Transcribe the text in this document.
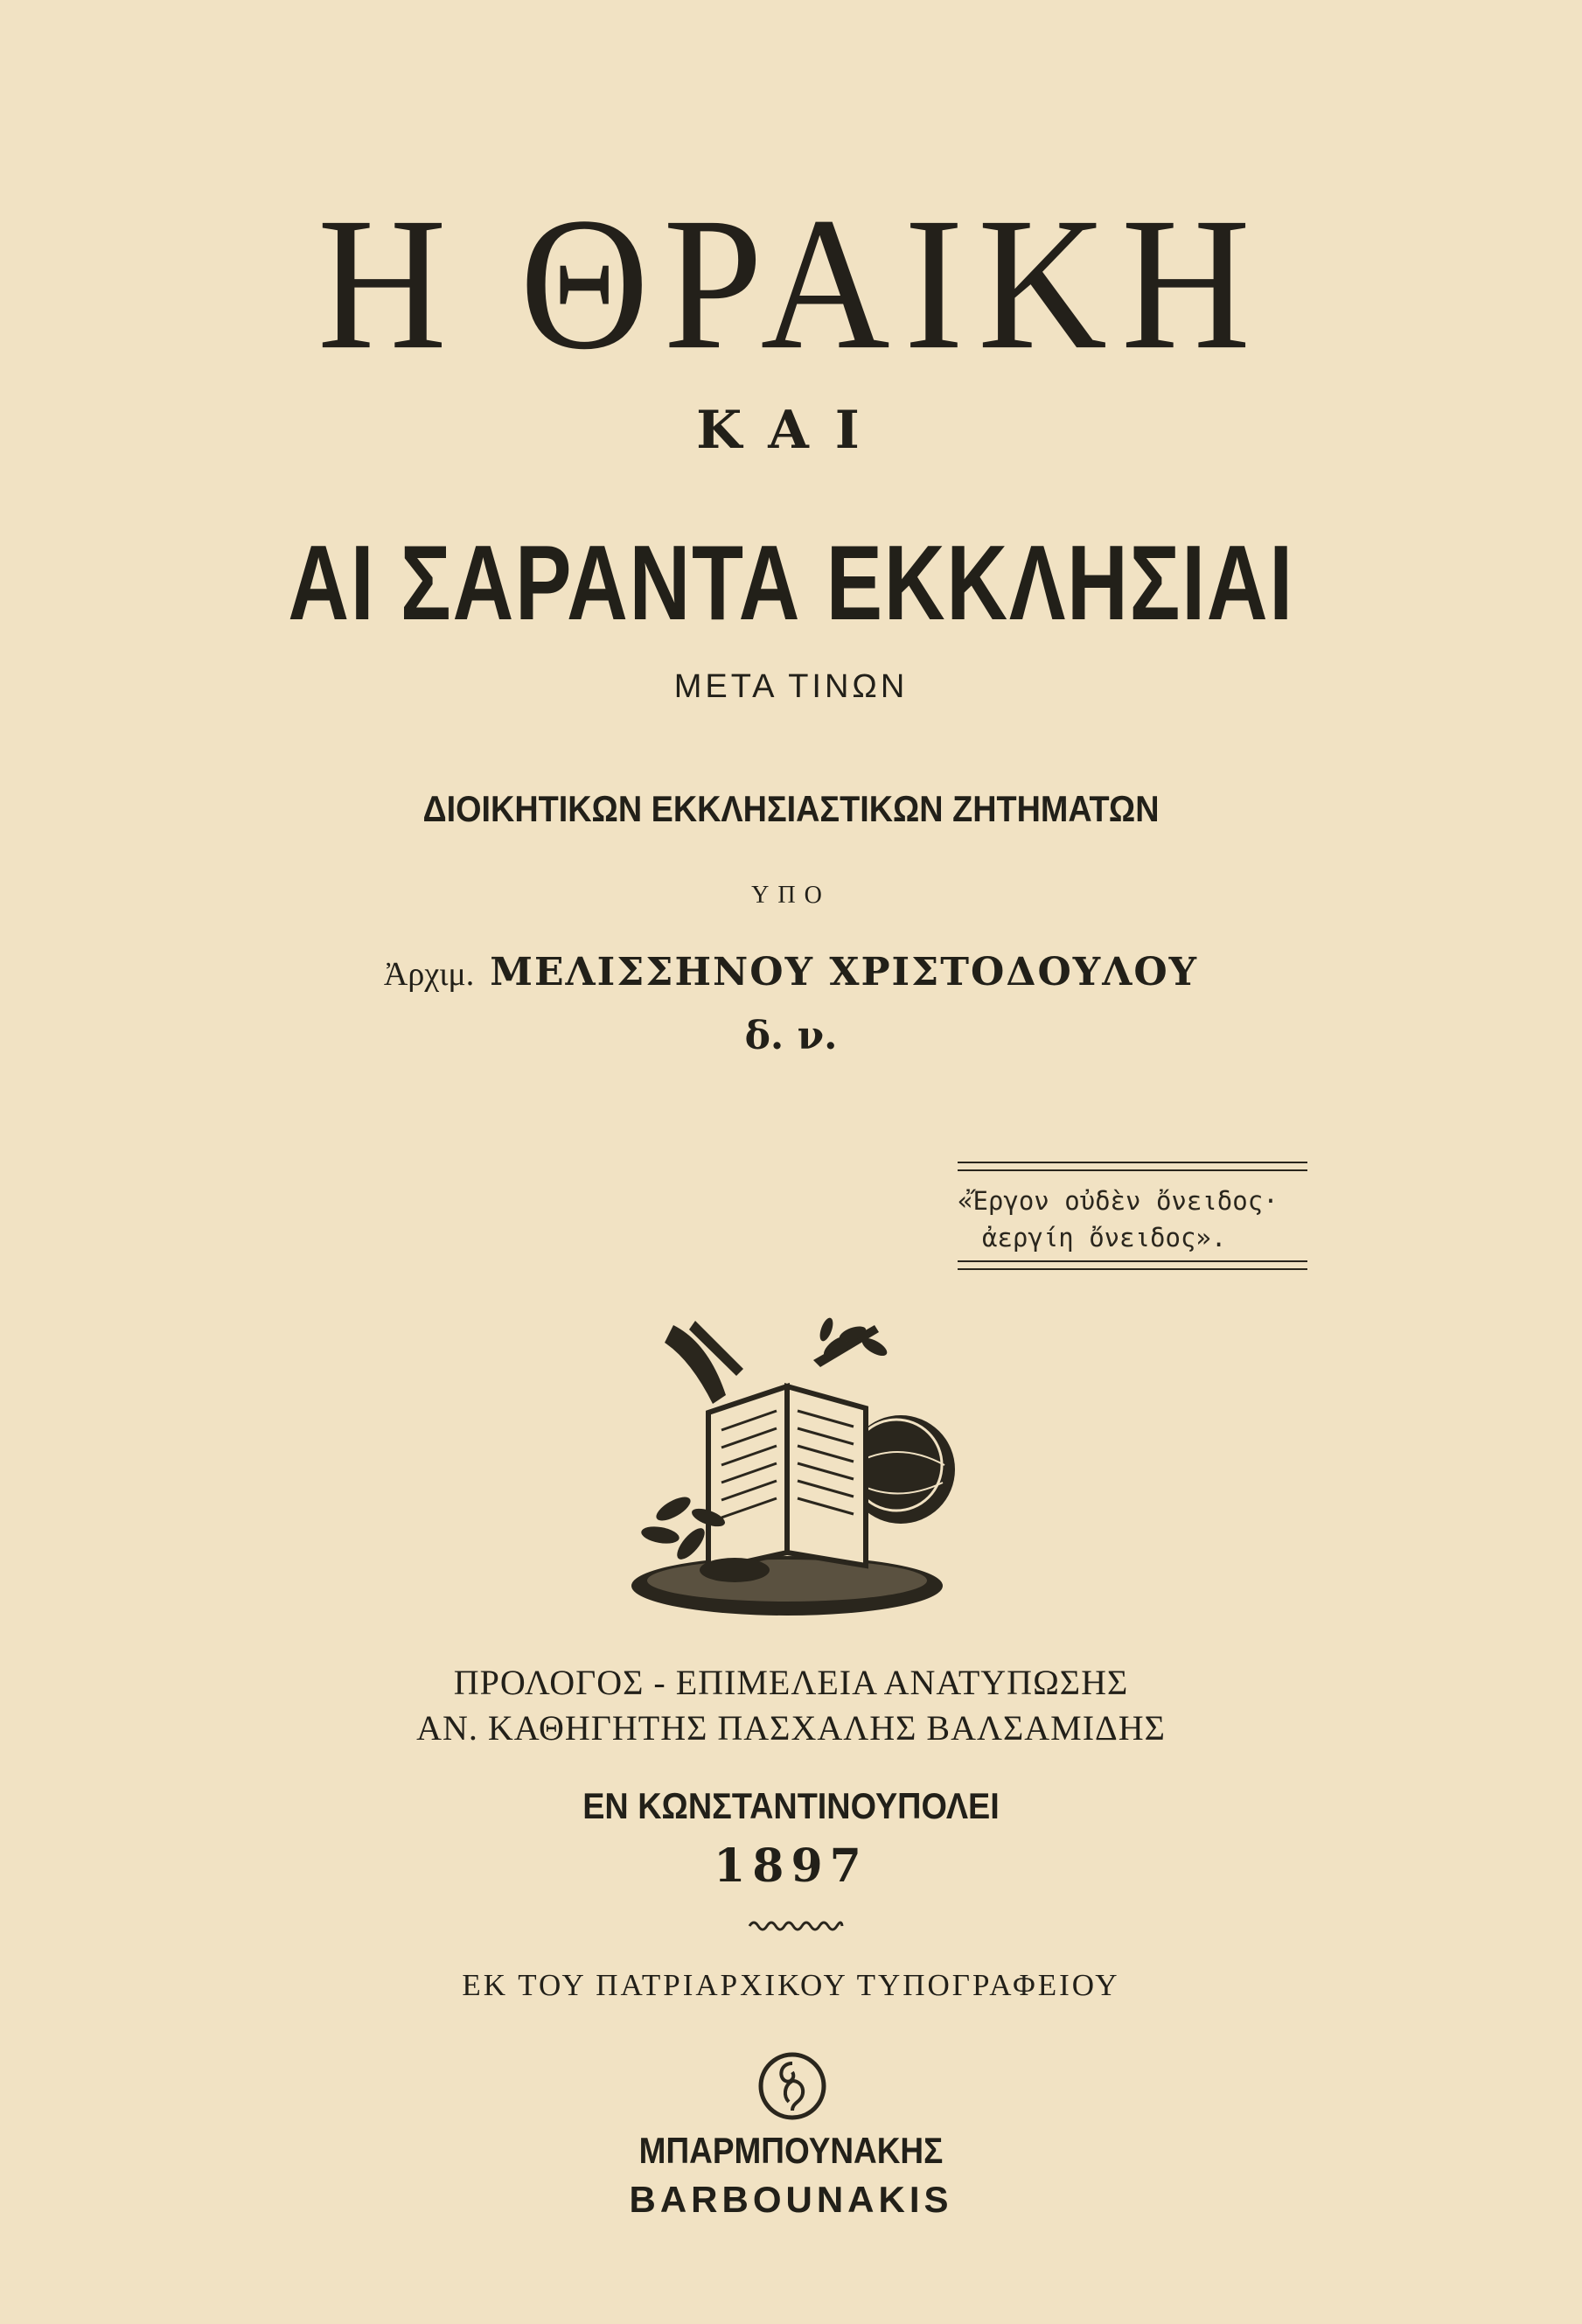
Η ΘΡΑΙΚΗ
ΚΑΙ
ΑΙ ΣΑΡΑΝΤΑ ΕΚΚΛΗΣΙΑΙ
ΜΕΤΑ ΤΙΝΩΝ
ΔΙΟΙΚΗΤΙΚΩΝ ΕΚΚΛΗΣΙΑΣΤΙΚΩΝ ΖΗΤΗΜΑΤΩΝ
ΥΠΟ
Ἀρχιμ. ΜΕΛΙΣΣΗΝΟΥ ΧΡΙΣΤΟΔΟΥΛΟΥ
δ. ν.
«Ἔργον οὐδὲν ὄνειδος·
ἀεργίη ὄνειδος».
ΠΡΟΛΟΓΟΣ - ΕΠΙΜΕΛΕΙΑ ΑΝΑΤΥΠΩΣΗΣ
ΑΝ. ΚΑΘΗΓΗΤΗΣ ΠΑΣΧΑΛΗΣ ΒΑΛΣΑΜΙΔΗΣ
ΕΝ ΚΩΝΣΤΑΝΤΙΝΟΥΠΟΛΕΙ
1897
ΕΚ ΤΟΥ ΠΑΤΡΙΑΡΧΙΚΟΥ ΤΥΠΟΓΡΑΦΕΙΟΥ
ΜΠΑΡΜΠΟΥΝΑΚΗΣ
BARBOUNAKIS
